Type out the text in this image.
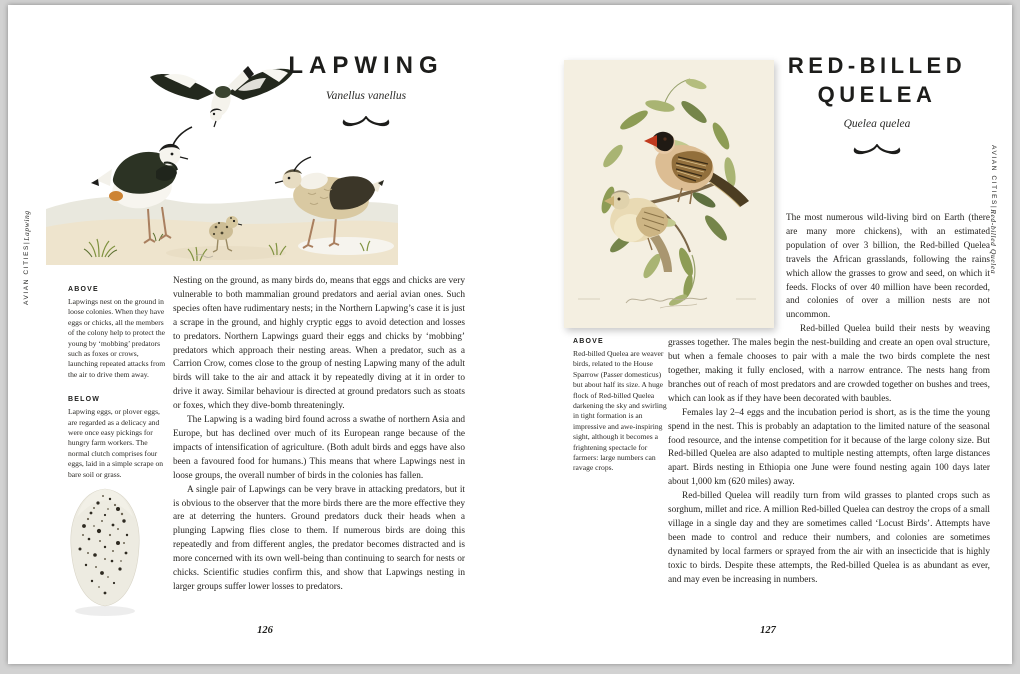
AVIAN CITIES|Lapwing
LAPWING
Vanellus vanellus
ABOVE
Lapwings nest on the ground in loose colonies. When they have eggs or chicks, all the members of the colony help to protect the young by ‘mobbing’ predators such as foxes or crows, launching repeated attacks from the air to drive them away.
BELOW
Lapwing eggs, or plover eggs, are regarded as a delicacy and were once easy pickings for hungry farm workers. The normal clutch comprises four eggs, laid in a simple scrape on bare soil or grass.

Nesting on the ground, as many birds do, means that eggs and chicks are very vulnerable to both mammalian ground predators and aerial avian ones. Such species often have rudimentary nests; in the Northern Lapwing’s case it is just a scrape in the ground, and highly cryptic eggs to avoid detection and losses to predators. Northern Lapwings guard their eggs and chicks by ‘mobbing’ predators which approach their nesting areas. When a predator, such as a Carrion Crow, comes close to the group of nesting Lapwing many of the adult birds will take to the air and attack it by repeatedly diving at it in order to drive it away. Similar behaviour is directed at ground predators such as stoats or foxes, which they dive-bomb threateningly.

The Lapwing is a wading bird found across a swathe of northern Asia and Europe, but has declined over much of its European range because of the impacts of intensification of agriculture. (Both adult birds and eggs have also been a favoured food for humans.) This means that where Lapwings nest in loose groups, the overall number of birds in the colonies has fallen.

A single pair of Lapwings can be very brave in attacking predators, but it is obvious to the observer that the more birds there are the more effective they are at deterring the hunters. Ground predators duck their heads when a plunging Lapwing flies close to them. If numerous birds are doing this repeatedly and from different angles, the predator becomes distracted and is more concerned with its own well-being than continuing to search for nests or chicks. Scientific studies confirm this, and show that Lapwings nesting in larger groups suffer lower losses to predators.

126
RED-BILLED
QUELEA
Quelea quelea
ABOVE
Red-billed Quelea are weaver birds, related to the House Sparrow (Passer domesticus) but about half its size. A huge flock of Red-billed Quelea darkening the sky and swirling in tight formation is an impressive and awe-inspiring sight, although it becomes a frightening spectacle for farmers: large numbers can ravage crops.

The most numerous wild-living bird on Earth (there are many more chickens), with an estimated population of over 3 billion, the Red-billed Quelea travels the African grasslands, following the rains which allow the grasses to grow and seed, on which it feeds. Flocks of over 40 million have been recorded, and colonies of over a million nests are not uncommon.

Red-billed Quelea build their nests by weaving grasses together. The males begin the nest-building and create an open oval structure, but when a female chooses to pair with a male the two birds complete the nest together, making it fully enclosed, with a narrow entrance. The nests hang from branches out of reach of most predators and are crowded together on bushes and trees, which can look as if they have been decorated with baubles.

Females lay 2–4 eggs and the incubation period is short, as is the time the young spend in the nest. This is probably an adaptation to the limited nature of the seasonal food resource, and the intense competition for it because of the large colony size. But Red-billed Quelea are also adapted to multiple nesting attempts, often large distances apart. Birds nesting in Ethiopia one June were found nesting again 100 days later about 1,000 km (620 miles) away.

Red-billed Quelea will readily turn from wild grasses to planted crops such as sorghum, millet and rice. A million Red-billed Quelea can destroy the crops of a small village in a single day and they are sometimes called ‘Locust Birds’. Attempts have been made to control and reduce their numbers, and colonies are sometimes dynamited by local farmers or sprayed from the air with an insecticide that is highly toxic to birds. Despite these attempts, the Red-billed Quelea is as abundant as ever, and may even be increasing in numbers.

127
AVIAN CITIES|Red-billed Quelea
